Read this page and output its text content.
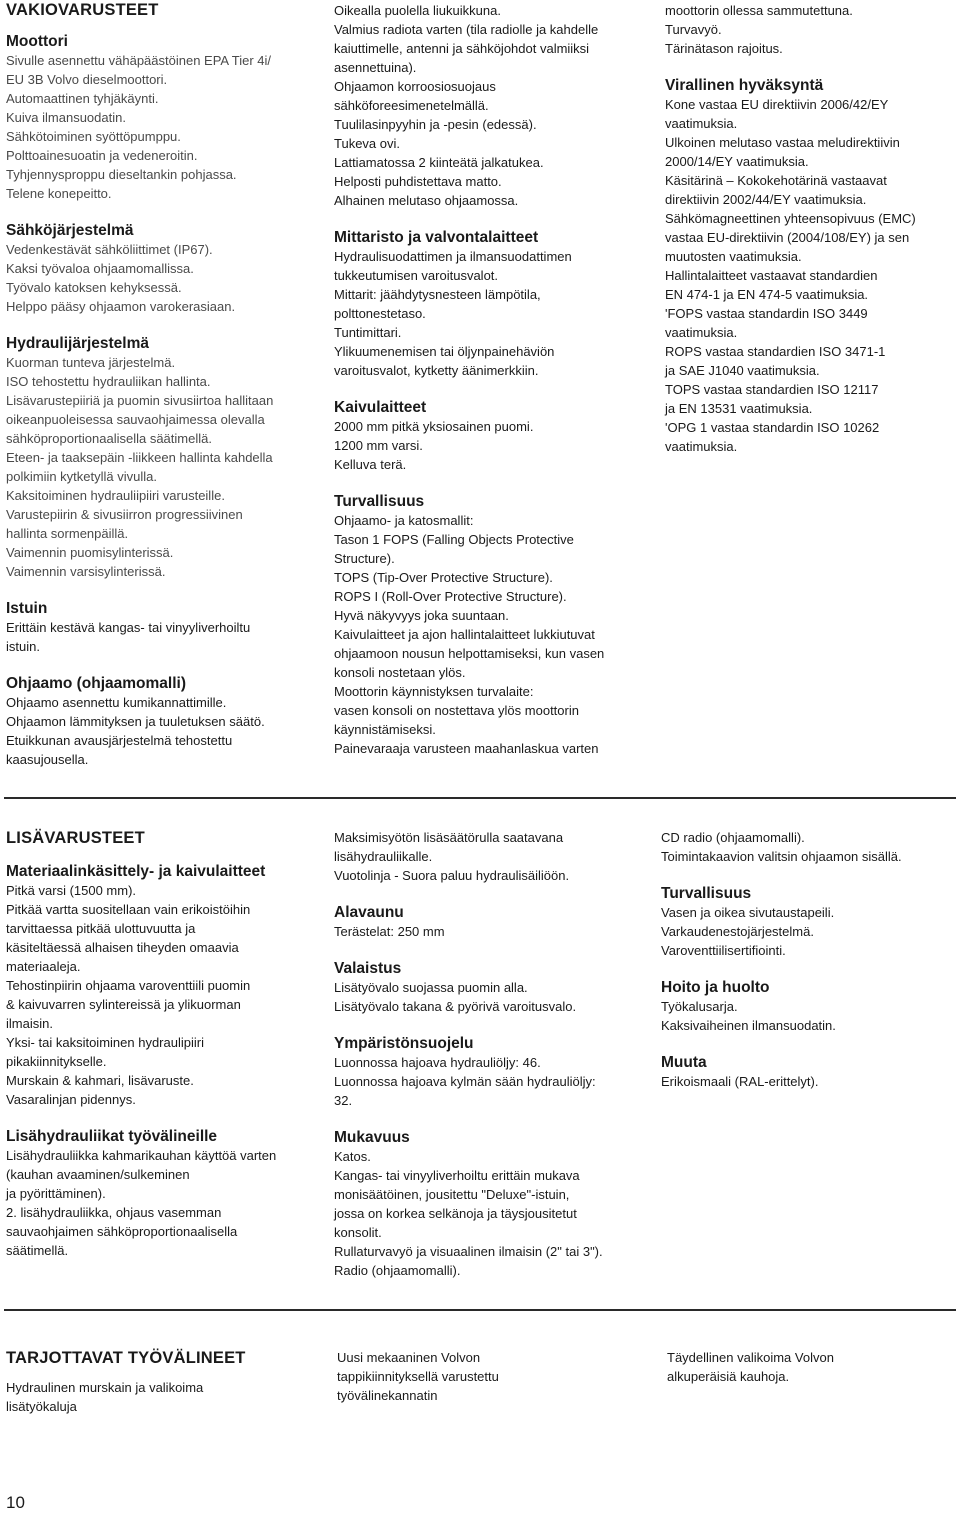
VAKIOVARUSTEET
Moottori
Sivulle asennettu vähäpäästöinen EPA Tier 4i/
EU 3B Volvo dieselmoottori.
Automaattinen tyhjäkäynti.
Kuiva ilmansuodatin.
Sähkötoiminen syöttöpumppu.
Polttoainesuoatin ja vedeneroitin.
Tyhjennysproppu dieseltankin pohjassa.
Telene konepeitto.
Sähköjärjestelmä
Vedenkestävät sähköliittimet (IP67).
Kaksi työvaloa ohjaamomallissa.
Työvalo katoksen kehyksessä.
Helppo pääsy ohjaamon varokerasiaan.
Hydraulijärjestelmä
Kuorman tunteva järjestelmä.
ISO tehostettu hydrauliikan hallinta.
Lisävarustepiiriä ja puomin sivusiirtoa hallitaan
oikeanpuoleisessa sauvaohjaimessa olevalla
sähköproportionaalisella säätimellä.
Eteen- ja taaksepäin -liikkeen hallinta kahdella
polkimiin kytketyllä vivulla.
Kaksitoiminen hydrauliipiiri varusteille.
Varustepiirin & sivusiirron progressiivinen
hallinta sormenpäillä.
Vaimennin puomisylinterissä.
Vaimennin varsisylinterissä.
Istuin
Erittäin kestävä kangas- tai vinyyliverhoiltu
istuin.
Ohjaamo (ohjaamomalli)
Ohjaamo asennettu kumikannattimille.
Ohjaamon lämmityksen ja tuuletuksen säätö.
Etuikkunan avausjärjestelmä tehostettu
kaasujousella.
Oikealla puolella liukuikkuna.
Valmius radiota varten (tila radiolle ja kahdelle
kaiuttimelle, antenni ja sähköjohdot valmiiksi
asennettuina).
Ohjaamon korroosiosuojaus
sähköforeesimenetelmällä.
Tuulilasinpyyhin ja -pesin (edessä).
Tukeva ovi.
Lattiamatossa 2 kiinteätä jalkatukea.
Helposti puhdistettava matto.
Alhainen melutaso ohjaamossa.
Mittaristo ja valvontalaitteet
Hydraulisuodattimen ja ilmansuodattimen
tukkeutumisen varoitusvalot.
Mittarit: jäähdytysnesteen lämpötila,
polttonestetaso.
Tuntimittari.
Ylikuumenemisen tai öljynpainehäviön
varoitusvalot, kytketty äänimerkkiin.
Kaivulaitteet
2000 mm pitkä yksiosainen puomi.
1200 mm varsi.
Kelluva terä.
Turvallisuus
Ohjaamo- ja katosmallit:
Tason 1 FOPS (Falling Objects Protective
Structure).
TOPS (Tip-Over Protective Structure).
ROPS I (Roll-Over Protective Structure).
Hyvä näkyvyys joka suuntaan.
Kaivulaitteet ja ajon hallintalaitteet lukkiutuvat
ohjaamoon nousun helpottamiseksi, kun vasen
konsoli nostetaan ylös.
Moottorin käynnistyksen turvalaite:
vasen konsoli on nostettava ylös moottorin
käynnistämiseksi.
Painevaraaja varusteen maahanlaskua varten
moottorin ollessa sammutettuna.
Turvavyö.
Tärinätason rajoitus.
Virallinen hyväksyntä
Kone vastaa EU direktiivin 2006/42/EY
vaatimuksia.
Ulkoinen melutaso vastaa meludirektiivin
2000/14/EY vaatimuksia.
Käsitärinä – Kokokehotärinä vastaavat
direktiivin 2002/44/EY vaatimuksia.
Sähkömagneettinen yhteensopivuus (EMC)
vastaa EU-direktiivin (2004/108/EY) ja sen
muutosten vaatimuksia.
Hallintalaitteet vastaavat standardien
EN 474-1 ja EN 474-5 vaatimuksia.
'FOPS vastaa standardin ISO 3449
vaatimuksia.
ROPS vastaa standardien ISO 3471-1
ja SAE J1040 vaatimuksia.
TOPS vastaa standardien ISO 12117
ja EN 13531 vaatimuksia.
'OPG 1 vastaa standardin ISO 10262
vaatimuksia.
LISÄVARUSTEET
Materiaalinkäsittely- ja kaivulaitteet
Pitkä varsi (1500 mm).
Pitkää vartta suositellaan vain erikoistöihin
tarvittaessa pitkää ulottuvuutta ja
käsiteltäessä alhaisen tiheyden omaavia
materiaaleja.
Tehostinpiirin ohjaama varoventtiili puomin
& kaivuvarren sylintereissä ja ylikuorman
ilmaisin.
Yksi- tai kaksitoiminen hydraulipiiri
pikakiinnitykselle.
Murskain & kahmari, lisävaruste.
Vasaralinjan pidennys.
Lisähydrauliikat työvälineille
Lisähydrauliikka kahmarikauhan käyttöä varten
(kauhan avaaminen/sulkeminen
ja pyörittäminen).
2. lisähydrauliikka, ohjaus vasemman
sauvaohjaimen sähköproportionaalisella
säätimellä.
Maksimisyötön lisäsäätörulla saatavana
lisähydrauliikalle.
Vuotolinja - Suora paluu hydraulisäiliöön.
Alavaunu
Terästelat: 250 mm
Valaistus
Lisätyövalo suojassa puomin alla.
Lisätyövalo takana & pyörivä varoitusvalo.
Ympäristönsuojelu
Luonnossa hajoava hydrauliöljy: 46.
Luonnossa hajoava kylmän sään hydrauliöljy:
32.
Mukavuus
Katos.
Kangas- tai vinyyliverhoiltu erittäin mukava
monisäätöinen, jousitettu "Deluxe"-istuin,
jossa on korkea selkänoja ja täysjousitetut
konsolit.
Rullaturvavyö ja visuaalinen ilmaisin (2" tai 3").
Radio (ohjaamomalli).
CD radio (ohjaamomalli).
Toimintakaavion valitsin ohjaamon sisällä.
Turvallisuus
Vasen ja oikea sivutaustapeili.
Varkaudenestojärjestelmä.
Varoventtiilisertifiointi.
Hoito ja huolto
Työkalusarja.
Kaksivaiheinen ilmansuodatin.
Muuta
Erikoismaali (RAL-erittelyt).
TARJOTTAVAT TYÖVÄLINEET
Hydraulinen murskain ja valikoima
lisätyökaluja
Uusi mekaaninen Volvon
tappikiinnityksellä varustettu
työvälinekannatin
Täydellinen valikoima Volvon
alkuperäisiä kauhoja.
10
